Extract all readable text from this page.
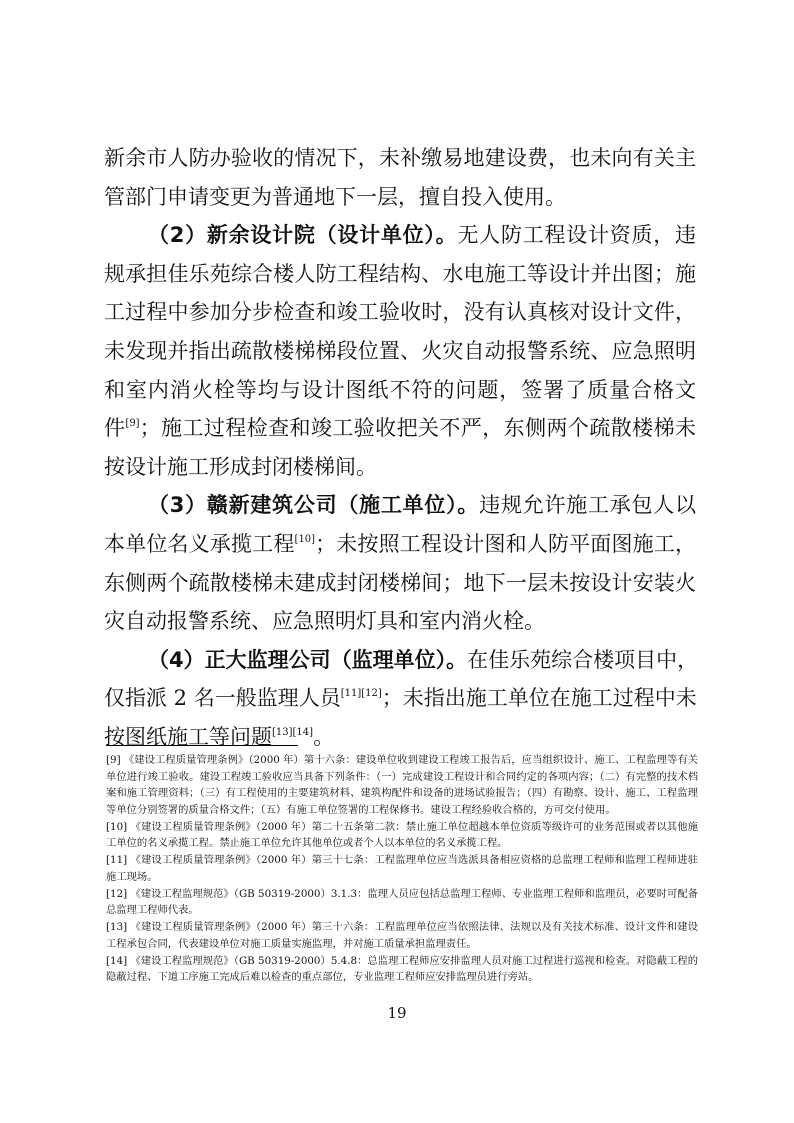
新余市人防办验收的情况下，未补缴易地建设费，也未向有关主
管部门申请变更为普通地下一层，擅自投入使用。
（2）新余设计院（设计单位）。无人防工程设计资质，违
规承担佳乐苑综合楼人防工程结构、水电施工等设计并出图；施
工过程中参加分步检查和竣工验收时，没有认真核对设计文件，
未发现并指出疏散楼梯梯段位置、火灾自动报警系统、应急照明
和室内消火栓等均与设计图纸不符的问题，签署了质量合格文
件[9]；施工过程检查和竣工验收把关不严，东侧两个疏散楼梯未
按设计施工形成封闭楼梯间。
（3）赣新建筑公司（施工单位）。违规允许施工承包人以
本单位名义承揽工程[10]；未按照工程设计图和人防平面图施工，
东侧两个疏散楼梯未建成封闭楼梯间；地下一层未按设计安装火
灾自动报警系统、应急照明灯具和室内消火栓。
（4）正大监理公司（监理单位）。在佳乐苑综合楼项目中，
仅指派 2 名一般监理人员[11][12]；未指出施工单位在施工过程中未
按图纸施工等问题[13][14]。

[9] 《建设工程质量管理条例》（2000 年）第十六条：建设单位收到建设工程竣工报告后，应当组织设计、施工、工程监理等有关单位进行竣工验收。建设工程竣工验收应当具备下列条件：（一）完成建设工程设计和合同约定的各项内容；（二）有完整的技术档案和施工管理资料；（三）有工程使用的主要建筑材料、建筑构配件和设备的进场试验报告；（四）有勘察、设计、施工、工程监理等单位分别签署的质量合格文件；（五）有施工单位签署的工程保修书。建设工程经验收合格的，方可交付使用。

[10] 《建设工程质量管理条例》（2000 年）第二十五条第二款：禁止施工单位超越本单位资质等级许可的业务范围或者以其他施工单位的名义承揽工程。禁止施工单位允许其他单位或者个人以本单位的名义承揽工程。

[11] 《建设工程质量管理条例》（2000 年）第三十七条：工程监理单位应当选派具备相应资格的总监理工程师和监理工程师进驻施工现场。

[12] 《建设工程监理规范》（GB 50319-2000）3.1.3：监理人员应包括总监理工程师、专业监理工程师和监理员，必要时可配备总监理工程师代表。

[13] 《建设工程质量管理条例》（2000 年）第三十六条：工程监理单位应当依照法律、法规以及有关技术标准、设计文件和建设工程承包合同，代表建设单位对施工质量实施监理，并对施工质量承担监理责任。

[14] 《建设工程监理规范》（GB 50319-2000）5.4.8：总监理工程师应安排监理人员对施工过程进行巡视和检查。对隐蔽工程的隐蔽过程、下道工序施工完成后难以检查的重点部位，专业监理工程师应安排监理员进行旁站。

19
